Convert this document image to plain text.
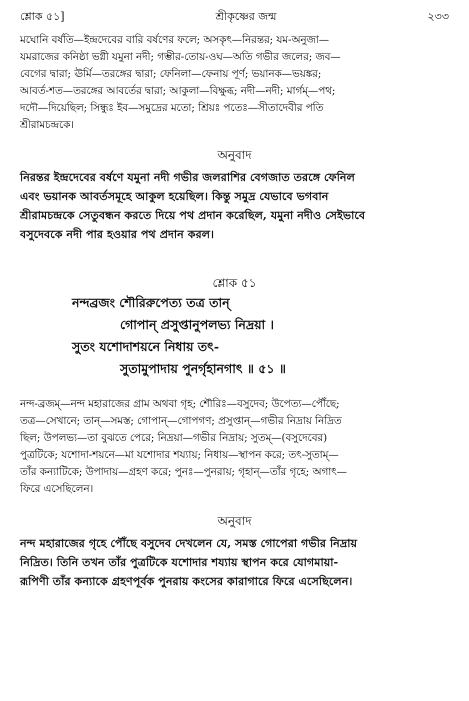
শ্লোক ৫১]	শ্রীকৃষ্ণের জন্ম	২৩৩
মঘোনি বর্ষতি—ইন্দ্রদেবের বারি বর্ষণের ফলে; অসকৃৎ—নিরন্তর; যম-অনুজা—
যমরাজের কনিষ্ঠা ভগ্নী যমুনা নদী; গম্ভীর-তোয়-ওঘ—অতি গভীর জলের; জব—
বেগের দ্বারা; ঊর্মি—তরঙ্গের দ্বারা; ফেনিলা—ফেনায় পূর্ণ; ভয়ানক—ভয়ঙ্কর;
আবর্ত-শত—তরঙ্গের আবর্তের দ্বারা; আকুলা—বিক্ষুব্ধ; নদী—নদী; মার্গম্—পথ;
দদৌ—দিয়েছিল; সিন্ধুঃ ইব—সমুদ্রের মতো; শ্রিয়ঃ পতেঃ—সীতাদেবীর পতি
শ্রীরামচন্দ্রকে।
অনুবাদ
নিরন্তর ইন্দ্রদেবের বর্ষণে যমুনা নদী গভীর জলরাশির বেগজাত তরঙ্গে ফেনিল
এবং ভয়ানক আবর্তসমূহে আকুল হয়েছিল। কিন্তু সমুদ্র যেভাবে ভগবান
শ্রীরামচন্দ্রকে সেতুবন্ধন করতে দিয়ে পথ প্রদান করেছিল, যমুনা নদীও সেইভাবে
বসুদেবকে নদী পার হওয়ার পথ প্রদান করল।
শ্লোক ৫১
নন্দব্রজং শৌরিরুপেত্য তত্র তান্
গোপান্ প্রসুপ্তানুপলভ্য নিদ্রয়া ।
সুতং যশোদাশয়নে নিধায় তৎ-
সুতামুপাদায় পুনর্গৃহানগাৎ ॥ ৫১ ॥
নন্দ-ব্রজম্—নন্দ মহারাজের গ্রাম অথবা গৃহ; শৌরিঃ—বসুদেব; উপেত্য—পৌঁছে;
তত্র—সেখানে; তান্—সমস্ত; গোপান্—গোপগণ; প্রসুপ্তান্—গভীর নিদ্রায় নিদ্রিত
ছিল; উপলভ্য—তা বুঝতে পেরে; নিদ্রয়া—গভীর নিদ্রায়; সুতম্—(বসুদেবের)
পুত্রটিকে; যশোদা-শয়নে—মা যশোদার শয্যায়; নিধায়—স্থাপন করে; তৎ-সুতাম্—
তাঁর কন্যাটিকে; উপাদায়—গ্রহণ করে; পুনঃ—পুনরায়; গৃহান্—তাঁর গৃহে; অগাৎ—
ফিরে এসেছিলেন।
অনুবাদ
নন্দ মহারাজের গৃহে পৌঁছে বসুদেব দেখলেন যে, সমস্ত গোপেরা গভীর নিদ্রায়
নিদ্রিত। তিনি তখন তাঁর পুত্রটিকে যশোদার শয্যায় স্থাপন করে যোগমায়া-
রূপিণী তাঁর কন্যাকে গ্রহণপূর্বক পুনরায় কংসের কারাগারে ফিরে এসেছিলেন।
